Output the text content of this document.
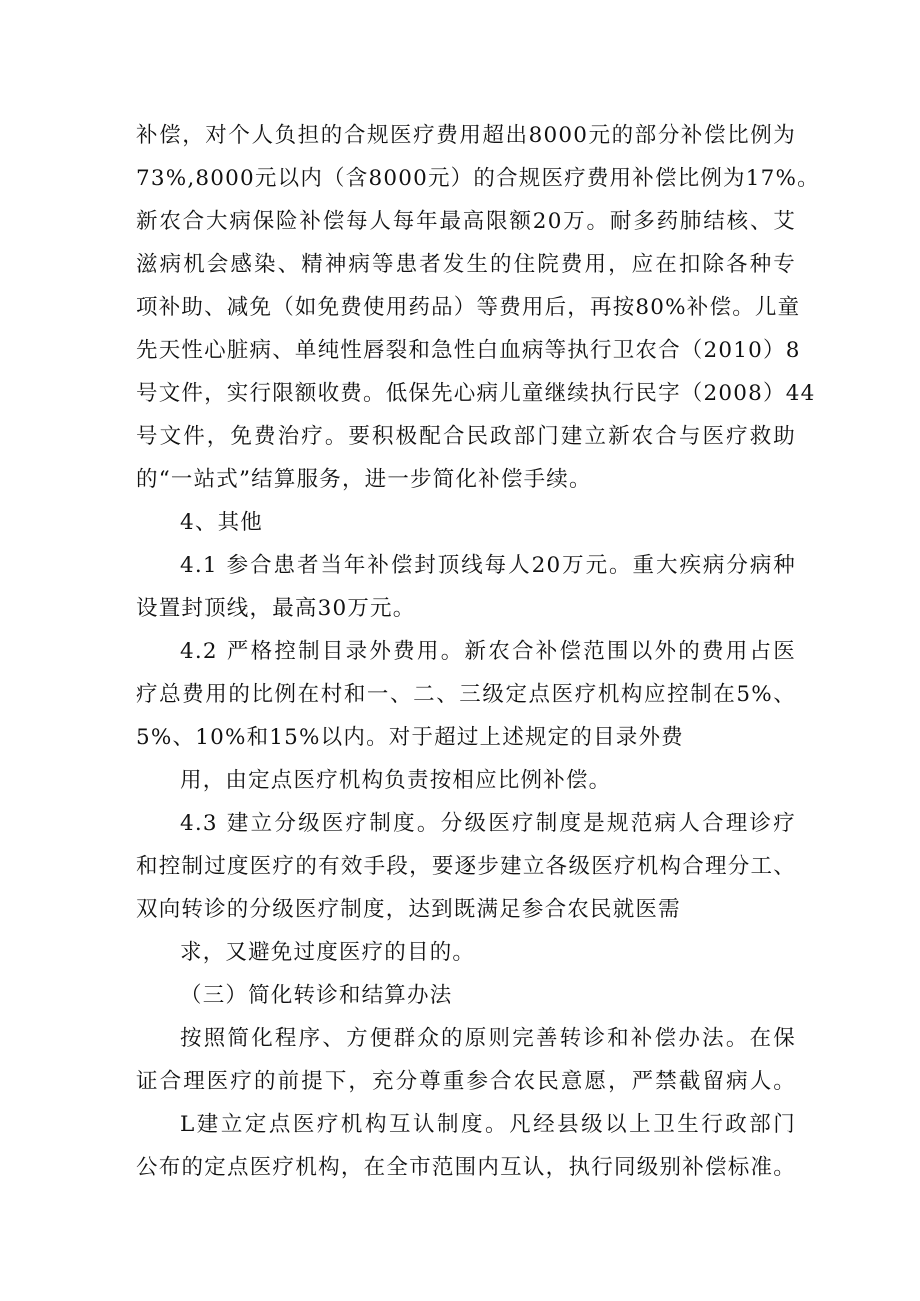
补偿，对个人负担的合规医疗费用超出8000元的部分补偿比例为
73%,8000元以内（含8000元）的合规医疗费用补偿比例为17%。
新农合大病保险补偿每人每年最高限额20万。耐多药肺结核、艾
滋病机会感染、精神病等患者发生的住院费用，应在扣除各种专
项补助、减免（如免费使用药品）等费用后，再按80%补偿。儿童
先天性心脏病、单纯性唇裂和急性白血病等执行卫农合（2010）8
号文件，实行限额收费。低保先心病儿童继续执行民字（2008）44
号文件，免费治疗。要积极配合民政部门建立新农合与医疗救助
的“一站式”结算服务，进一步简化补偿手续。
4、其他
4.1 参合患者当年补偿封顶线每人20万元。重大疾病分病种
设置封顶线，最高30万元。
4.2 严格控制目录外费用。新农合补偿范围以外的费用占医
疗总费用的比例在村和一、二、三级定点医疗机构应控制在5%、
5%、10%和15%以内。对于超过上述规定的目录外费
用，由定点医疗机构负责按相应比例补偿。
4.3 建立分级医疗制度。分级医疗制度是规范病人合理诊疗
和控制过度医疗的有效手段，要逐步建立各级医疗机构合理分工、
双向转诊的分级医疗制度，达到既满足参合农民就医需
求，又避免过度医疗的目的。
（三）简化转诊和结算办法
按照简化程序、方便群众的原则完善转诊和补偿办法。在保
证合理医疗的前提下，充分尊重参合农民意愿，严禁截留病人。
L建立定点医疗机构互认制度。凡经县级以上卫生行政部门
公布的定点医疗机构，在全市范围内互认，执行同级别补偿标准。
